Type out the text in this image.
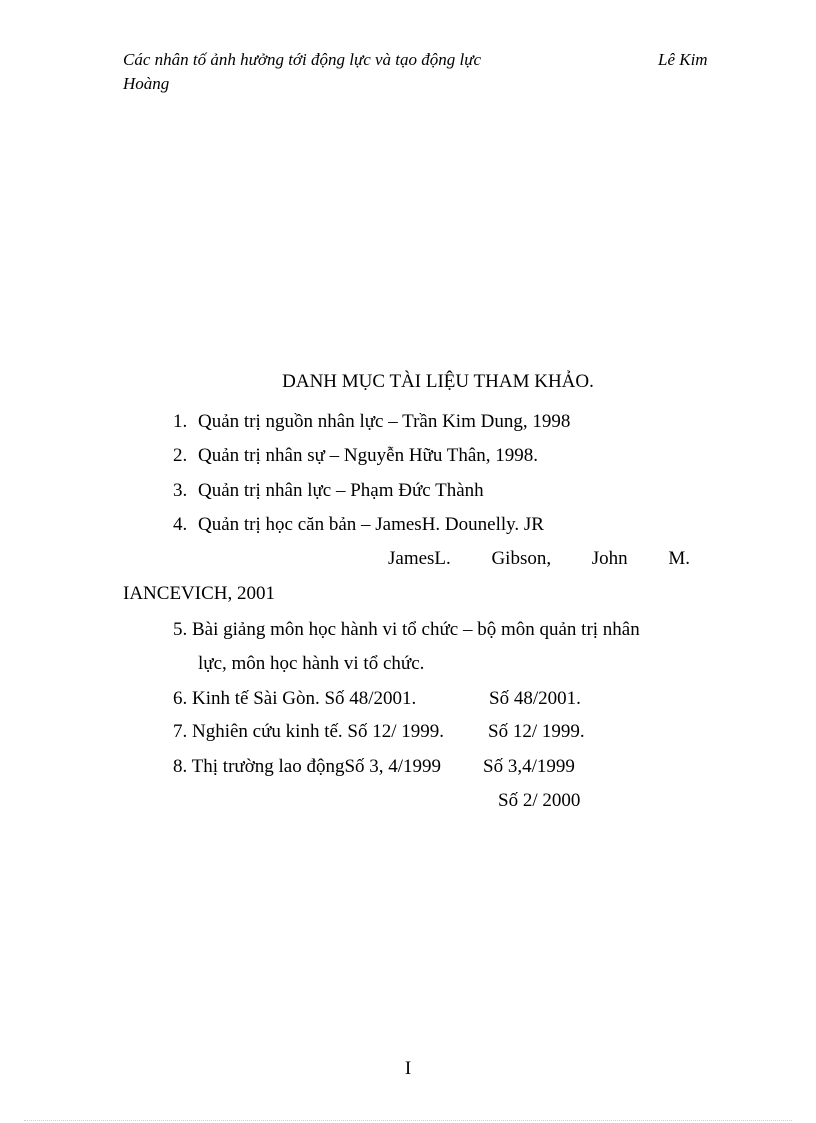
Các nhân tố ảnh hưởng tới động lực và tạo động lực	Lê Kim
Hoàng
DANH MỤC TÀI LIỆU THAM KHẢO.
1. Quản trị nguồn nhân lực – Trần Kim Dung, 1998
2. Quản trị nhân sự – Nguyễn Hữu Thân, 1998.
3. Quản trị nhân lực – Phạm Đức Thành
4. Quản trị học căn bản – JamesH. Dounelly. JR
JamesL. Gibson, John M.
IANCEVICH, 2001
5. Bài giảng môn học hành vi tổ chức – bộ môn quản trị nhân
lực, môn học hành vi tổ chức.
6. Kinh tế Sài Gòn. Số 48/2001.	Số 48/2001.
7. Nghiên cứu kinh tế. Số 12/ 1999. Số 12/ 1999.
8. Thị trường lao độngSố 3, 4/1999 Số 3,4/1999
Số 2/ 2000
I
